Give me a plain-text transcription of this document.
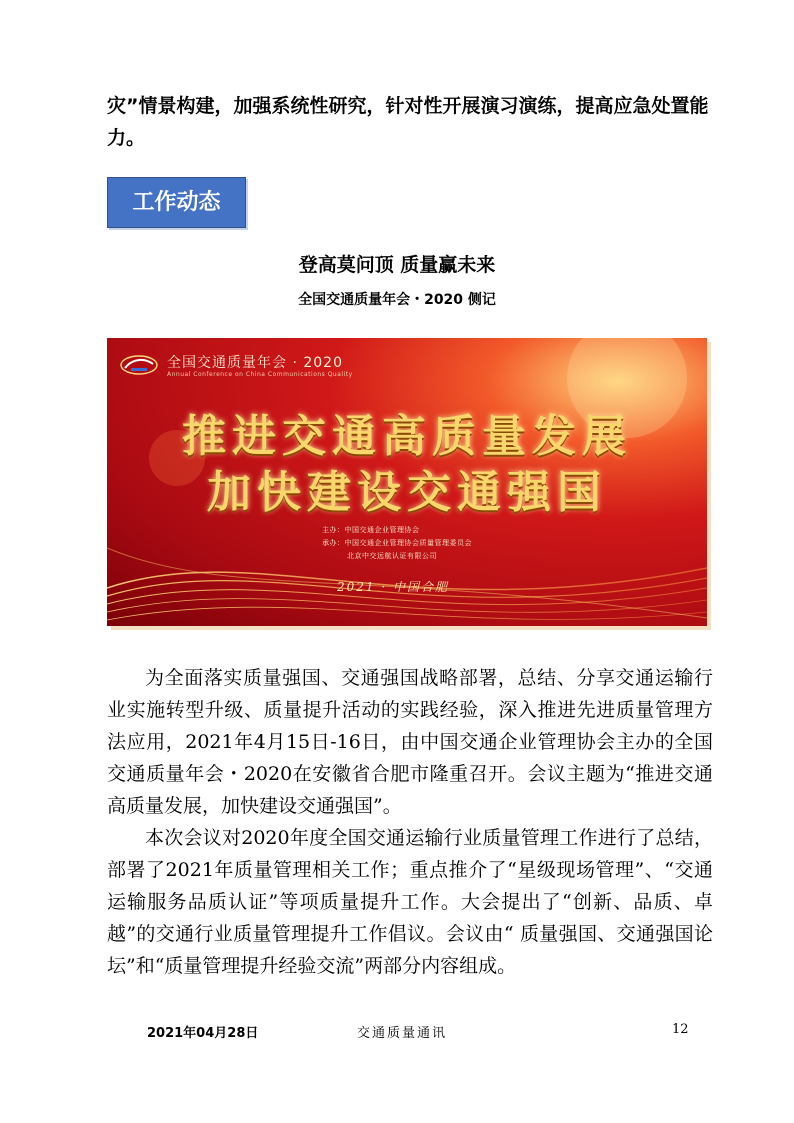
灾”情景构建，加强系统性研究，针对性开展演习演练，提高应急处置能
力。

工作动态
登高莫问顶 质量赢未来
全国交通质量年会・2020 侧记
全国交通质量年会 · 2020
Annual Conference on China Communications Quality
推进交通高质量发展
加快建设交通强国
主办：中国交通企业管理协会
承办：中国交通企业管理协会质量管理委员会
北京中交远航认证有限公司
2021 · 中国合肥

为全面落实质量强国、交通强国战略部署，总结、分享交通运输行业实施转型升级、质量提升活动的实践经验，深入推进先进质量管理方法应用，2021年4月15日-16日，由中国交通企业管理协会主办的全国交通质量年会・2020在安徽省合肥市隆重召开。会议主题为“推进交通高质量发展，加快建设交通强国”。

本次会议对2020年度全国交通运输行业质量管理工作进行了总结，部署了2021年质量管理相关工作；重点推介了“星级现场管理”、“交通运输服务品质认证”等项质量提升工作。大会提出了“创新、品质、卓越”的交通行业质量管理提升工作倡议。会议由“ 质量强国、交通强国论坛”和“质量管理提升经验交流”两部分内容组成。

2021年04月28日	交通质量通讯	12
